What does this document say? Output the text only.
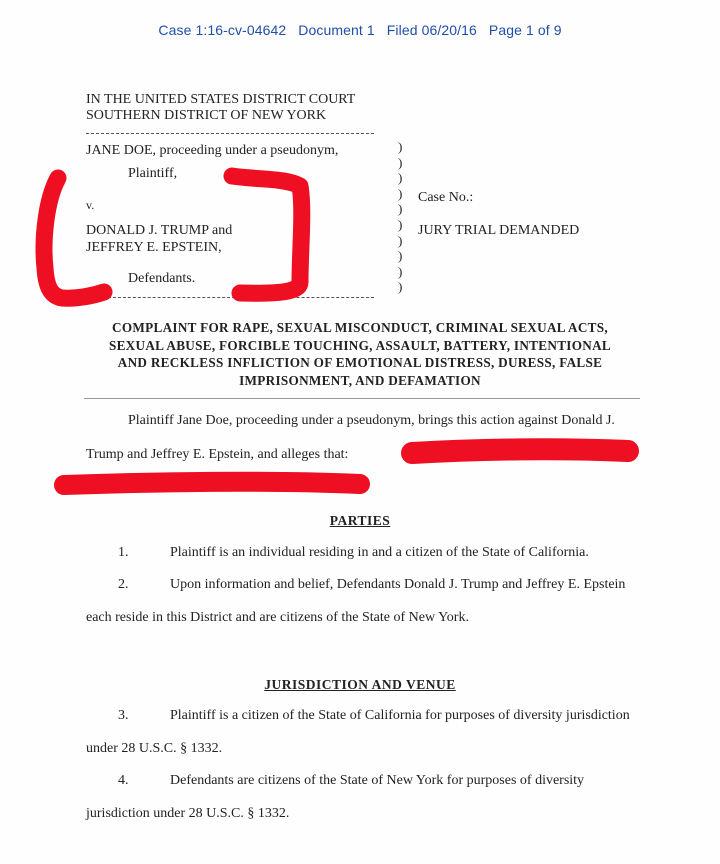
Case 1:16-cv-04642 Document 1 Filed 06/20/16 Page 1 of 9
IN THE UNITED STATES DISTRICT COURT
SOUTHERN DISTRICT OF NEW YORK
JANE DOE, proceeding under a pseudonym,
Plaintiff,
v.
DONALD J. TRUMP and
JEFFREY E. EPSTEIN,
Defendants.
)
)
)
)
)
)
)
)
)
)
Case No.:
JURY TRIAL DEMANDED
COMPLAINT FOR RAPE, SEXUAL MISCONDUCT, CRIMINAL SEXUAL ACTS,
SEXUAL ABUSE, FORCIBLE TOUCHING, ASSAULT, BATTERY, INTENTIONAL
AND RECKLESS INFLICTION OF EMOTIONAL DISTRESS, DURESS, FALSE
IMPRISONMENT, AND DEFAMATION
Plaintiff Jane Doe, proceeding under a pseudonym, brings this action against Donald J.
Trump and Jeffrey E. Epstein, and alleges that:
PARTIES
1.	Plaintiff is an individual residing in and a citizen of the State of California.
2.	Upon information and belief, Defendants Donald J. Trump and Jeffrey E. Epstein
each reside in this District and are citizens of the State of New York.
JURISDICTION AND VENUE
3.	Plaintiff is a citizen of the State of California for purposes of diversity jurisdiction
under 28 U.S.C. § 1332.
4.	Defendants are citizens of the State of New York for purposes of diversity
jurisdiction under 28 U.S.C. § 1332.
